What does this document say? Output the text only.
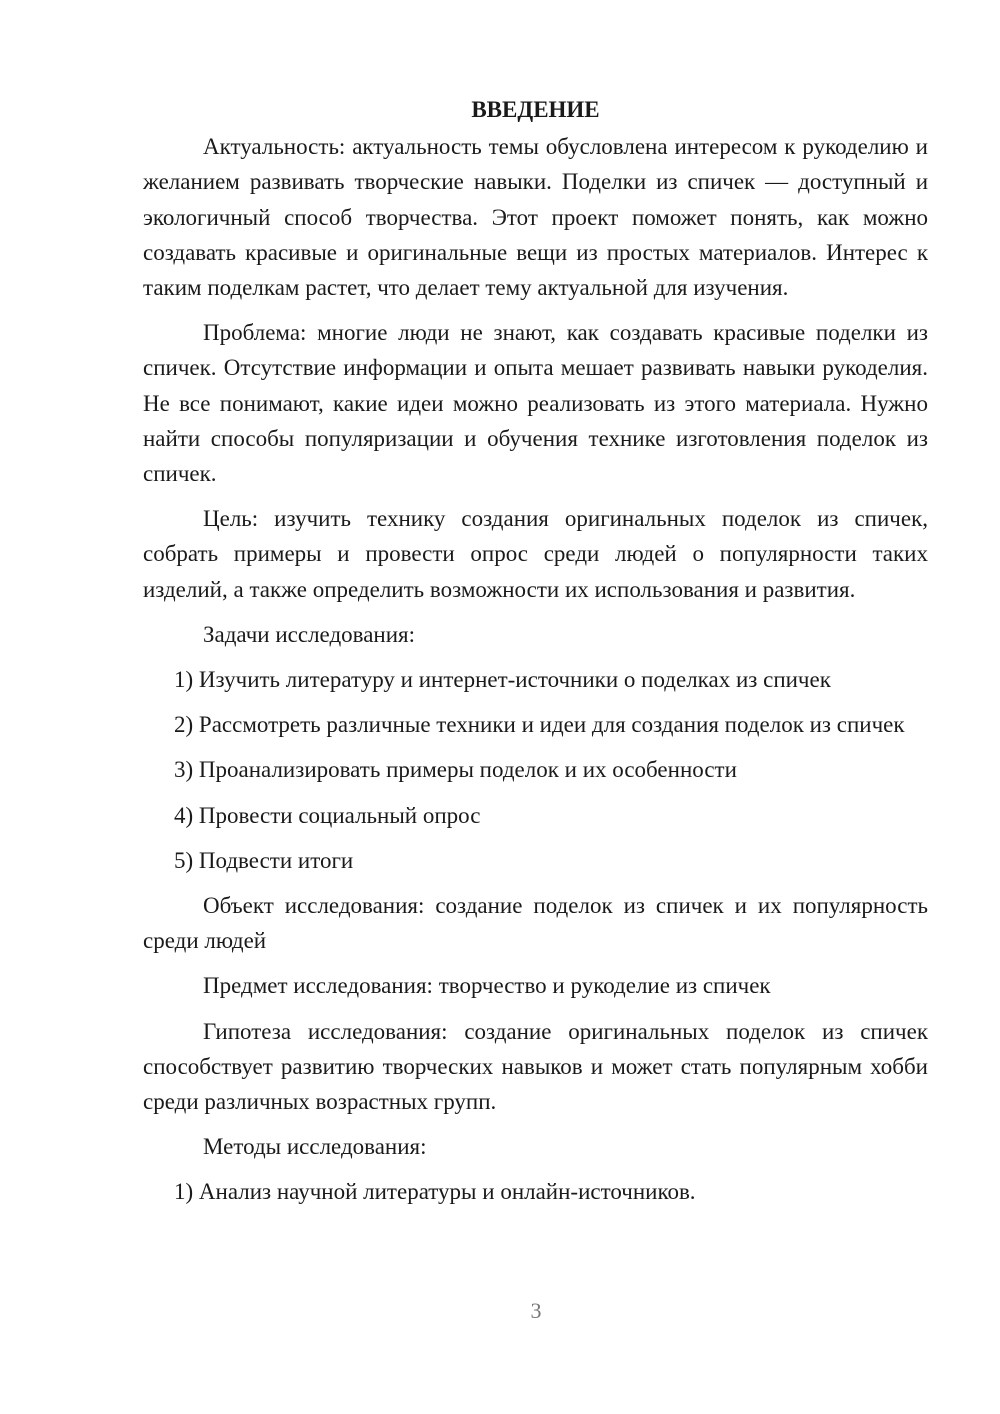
ВВЕДЕНИЕ

Актуальность: актуальность темы обусловлена интересом к рукоделию и желанием развивать творческие навыки. Поделки из спичек — доступный и экологичный способ творчества. Этот проект поможет понять, как можно создавать красивые и оригинальные вещи из простых материалов. Интерес к таким поделкам растет, что делает тему актуальной для изучения.

Проблема: многие люди не знают, как создавать красивые поделки из спичек. Отсутствие информации и опыта мешает развивать навыки рукоделия. Не все понимают, какие идеи можно реализовать из этого материала. Нужно найти способы популяризации и обучения технике изготовления поделок из спичек.

Цель: изучить технику создания оригинальных поделок из спичек, собрать примеры и провести опрос среди людей о популярности таких изделий, а также определить возможности их использования и развития.

Задачи исследования:

1) Изучить литературу и интернет-источники о поделках из спичек

2) Рассмотреть различные техники и идеи для создания поделок из спичек

3) Проанализировать примеры поделок и их особенности

4) Провести социальный опрос

5) Подвести итоги

Объект исследования: создание поделок из спичек и их популярность среди людей

Предмет исследования: творчество и рукоделие из спичек

Гипотеза исследования: создание оригинальных поделок из спичек способствует развитию творческих навыков и может стать популярным хобби среди различных возрастных групп.

Методы исследования:

1) Анализ научной литературы и онлайн-источников.

3
